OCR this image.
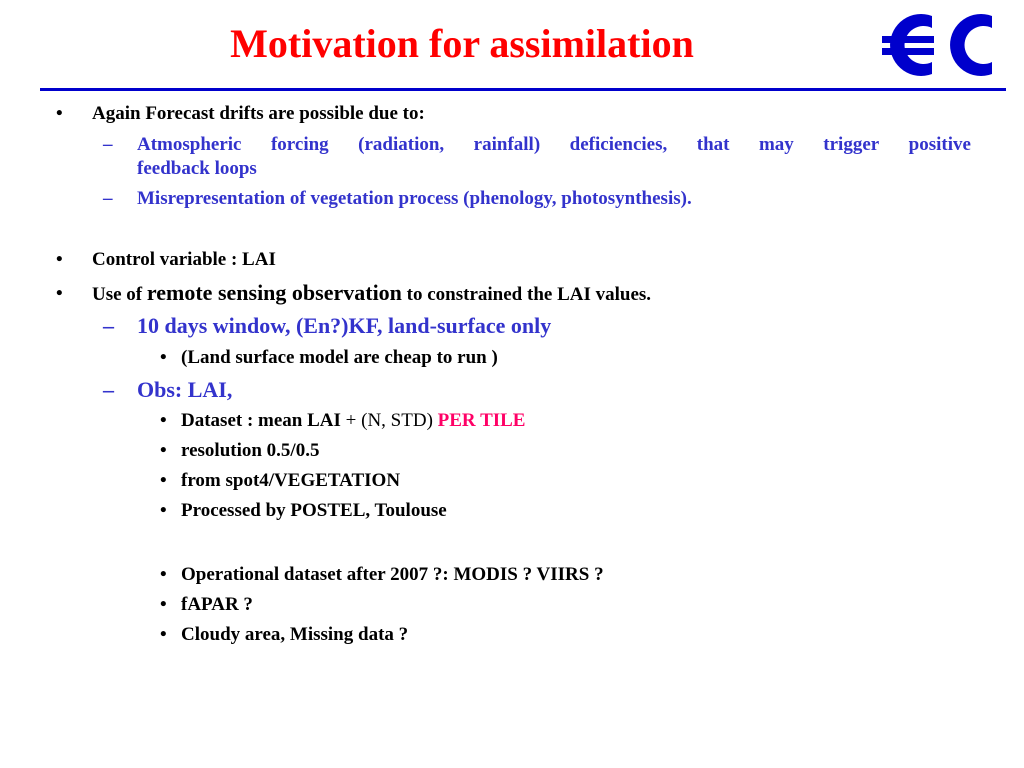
Motivation for assimilation
• Again Forecast drifts are possible due to:
– Atmospheric forcing (radiation, rainfall) deficiencies, that may trigger positive
feedback loops
– Misrepresentation of vegetation process (phenology, photosynthesis).
• Control variable : LAI
• Use of remote sensing observation to constrained the LAI values.
– 10 days window, (En?)KF, land-surface only
• (Land surface model are cheap to run )
– Obs: LAI,
• Dataset : mean LAI + (N, STD) PER TILE
• resolution 0.5/0.5
• from spot4/VEGETATION
• Processed by POSTEL, Toulouse
• Operational dataset after 2007 ?: MODIS ? VIIRS ?
• fAPAR ?
• Cloudy area, Missing data ?
